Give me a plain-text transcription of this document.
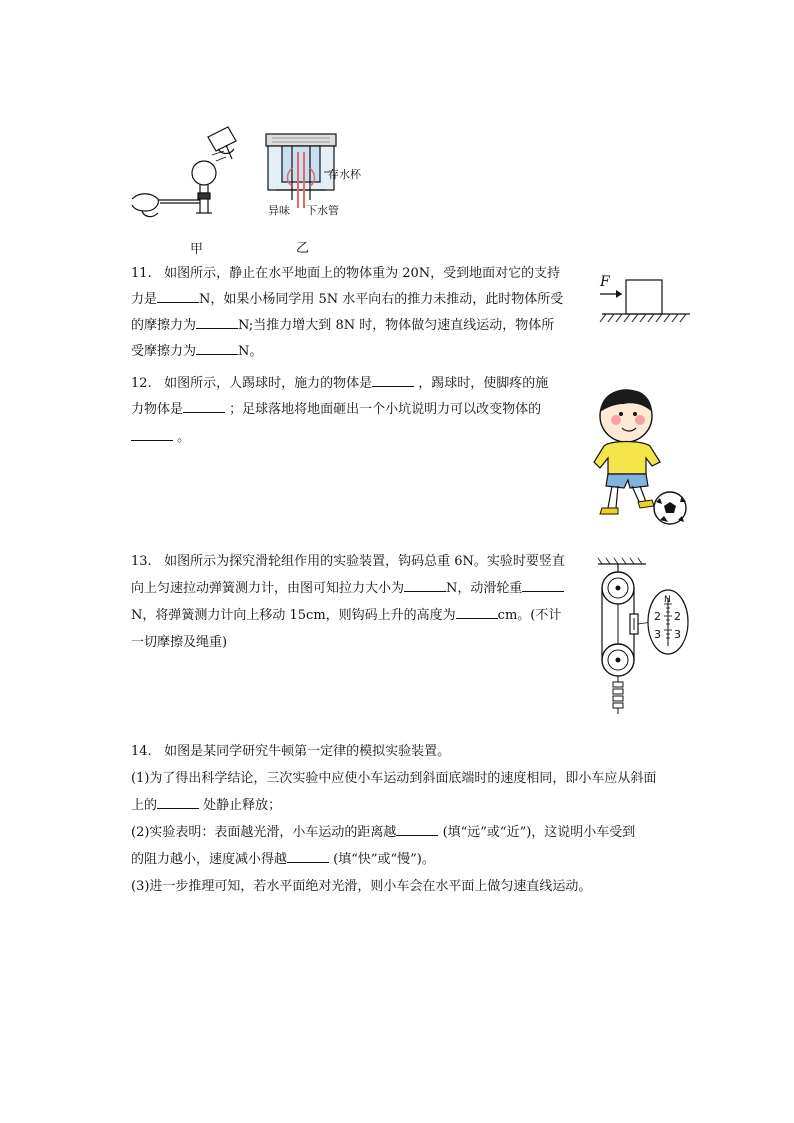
甲
存水杯
异味 下水管
乙
11. 如图所示，静止在水平地面上的物体重为 20N，受到地面对它的支持
力是	N，如果小杨同学用 5N 水平向右的推力未推动，此时物体所受
的摩擦力为	N;当推力增大到 8N 时，物体做匀速直线运动，物体所
受摩擦力为	N。
F
12. 如图所示，人踢球时，施力的物体是	，踢球时，使脚疼的施
力物体是	；足球落地将地面砸出一个小坑说明力可以改变物体的
。
13. 如图所示为探究滑轮组作用的实验装置，钩码总重 6N。实验时要竖直
向上匀速拉动弹簧测力计，由图可知拉力大小为	N，动滑轮重
N，将弹簧测力计向上移动 15cm，则钩码上升的高度为	cm。(不计
一切摩擦及绳重)
N
2 2
3 3
14. 如图是某同学研究牛顿第一定律的模拟实验装置。
(1)为了得出科学结论，三次实验中应使小车运动到斜面底端时的速度相同，即小车应从斜面
上的	处静止释放；
(2)实验表明：表面越光滑，小车运动的距离越	(填“远”或“近”)，这说明小车受到
的阻力越小，速度减小得越	(填“快”或“慢”)。
(3)进一步推理可知，若水平面绝对光滑，则小车会在水平面上做匀速直线运动。
